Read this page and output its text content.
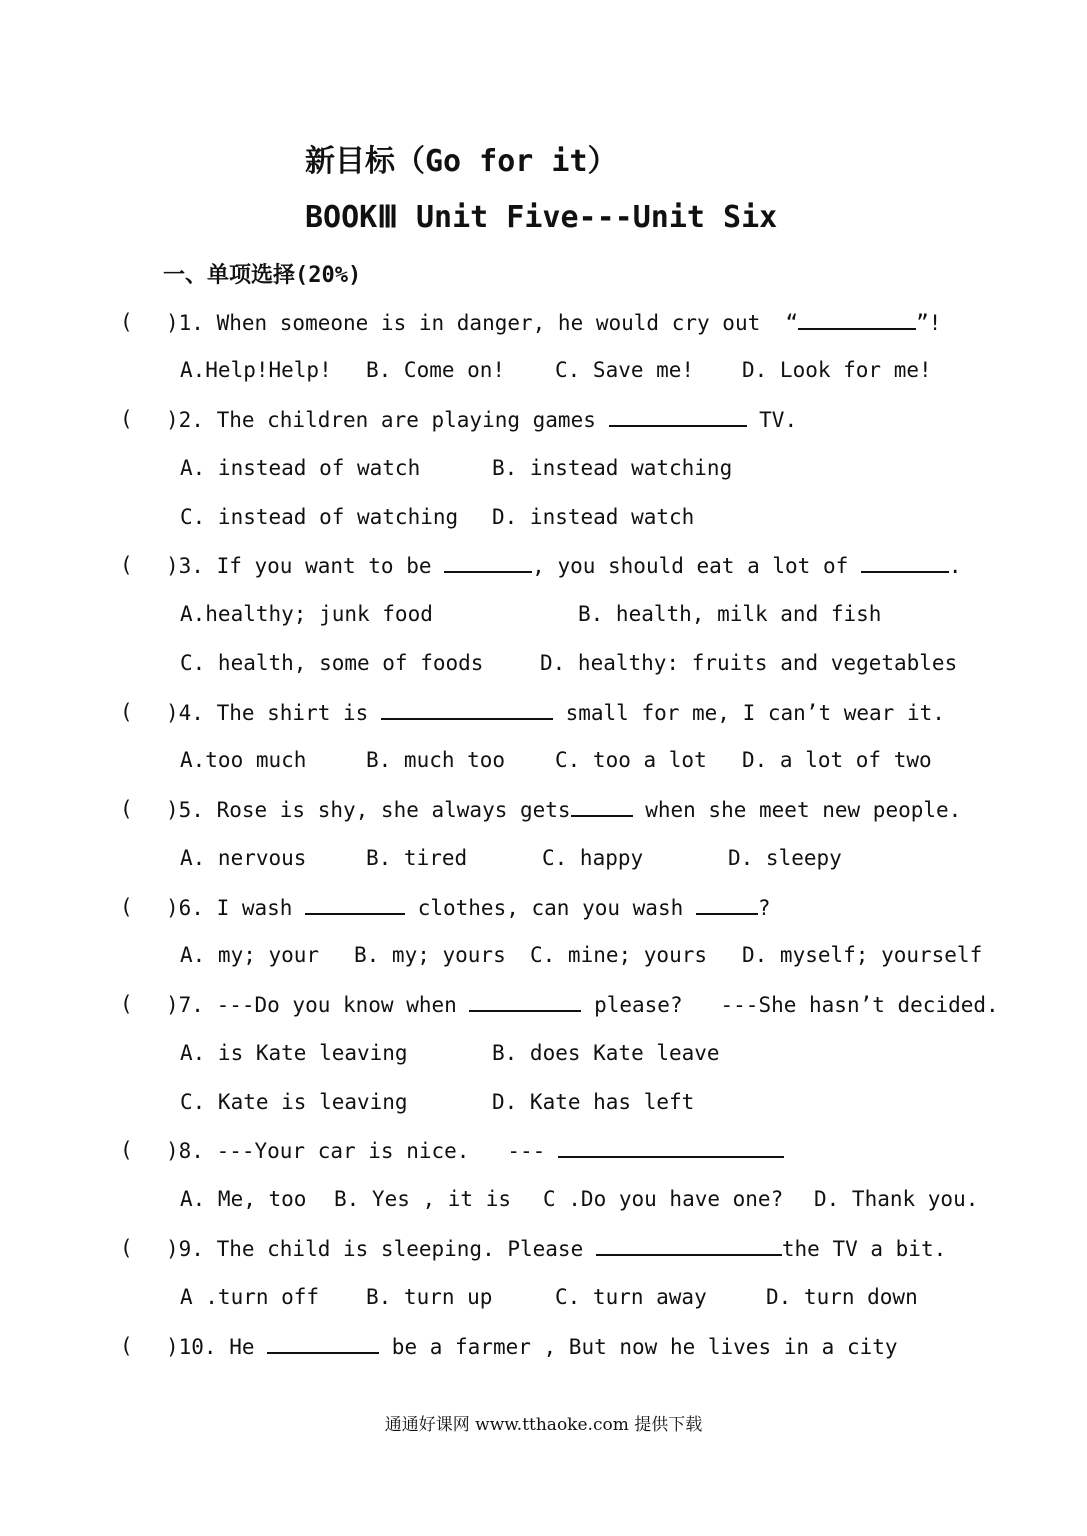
新目标（Go for it）
BOOKⅢ Unit Five---Unit Six
一、单项选择(20%)
( )1. When someone is in danger, he would cry out  “	”!
A.Help!Help! B. Come on! C. Save me! D. Look for me!
( )2. The children are playing games	TV.
A. instead of watch	B. instead watching
C. instead of watching D. instead watch
( )3. If you want to be	, you should eat a lot of	.
A.healthy; junk food	B. health, milk and fish
C. health, some of foods	D. healthy: fruits and vegetables
( )4. The shirt is	small for me, I can’t wear it.
A.too much	B. much too C. too a lot D. a lot of two
( )5. Rose is shy, she always gets	when she meet new people.
A. nervous	B. tired	C. happy	D. sleepy
( )6. I wash	clothes, can you wash	?
A. my; your B. my; yours C. mine; yours D. myself; yourself
( )7. ---Do you know when	please?   ---She hasn’t decided.
A. is Kate leaving	B. does Kate leave
C. Kate is leaving	D. Kate has left
( )8. ---Your car is nice.   ---
A. Me, too B. Yes , it is C .Do you have one? D. Thank you.
( )9. The child is sleeping. Please	the TV a bit.
A .turn off B. turn up	C. turn away	D. turn down
( )10. He	be a farmer , But now he lives in a city
通通好课网 www.tthaoke.com 提供下载
